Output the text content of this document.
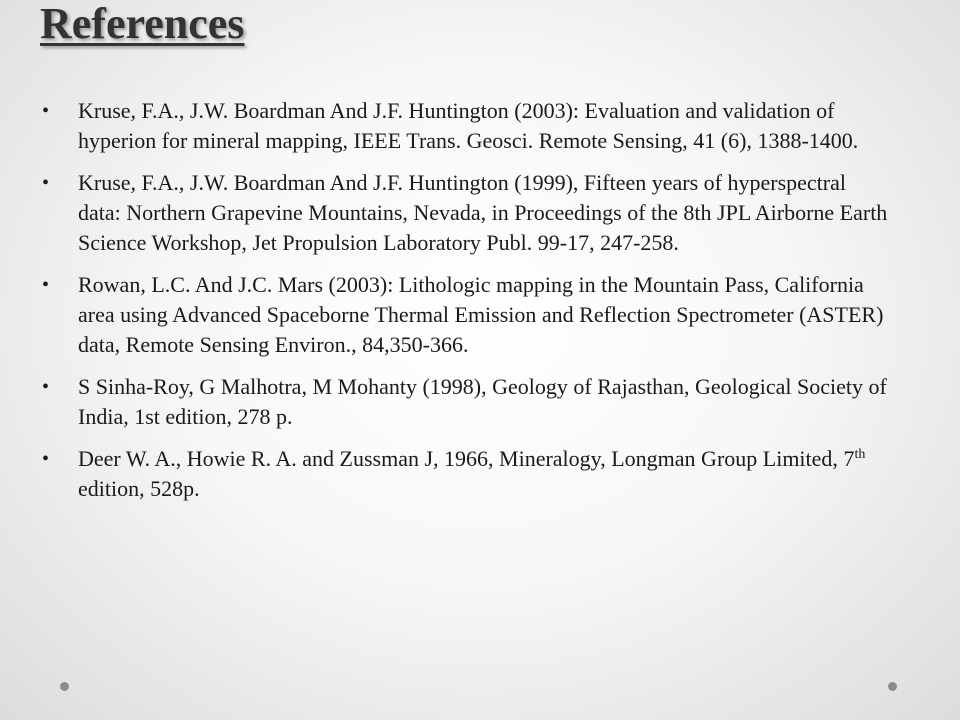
References
• Kruse, F.A., J.W. Boardman And J.F. Huntington (2003): Evaluation and validation of hyperion for mineral mapping, IEEE Trans. Geosci. Remote Sensing, 41 (6), 1388-1400.
• Kruse, F.A., J.W. Boardman And J.F. Huntington (1999), Fifteen years of hyperspectral data: Northern Grapevine Mountains, Nevada, in Proceedings of the 8th JPL Airborne Earth Science Workshop, Jet Propulsion Laboratory Publ. 99-17, 247-258.
• Rowan, L.C. And J.C. Mars (2003): Lithologic mapping in the Mountain Pass, California area using Advanced Spaceborne Thermal Emission and Reflection Spectrometer (ASTER) data, Remote Sensing Environ., 84,350-366.
• S Sinha-Roy, G Malhotra, M Mohanty (1998), Geology of Rajasthan, Geological Society of India, 1st edition, 278 p.
• Deer W. A., Howie R. A. and Zussman J, 1966, Mineralogy, Longman Group Limited, 7th edition, 528p.
